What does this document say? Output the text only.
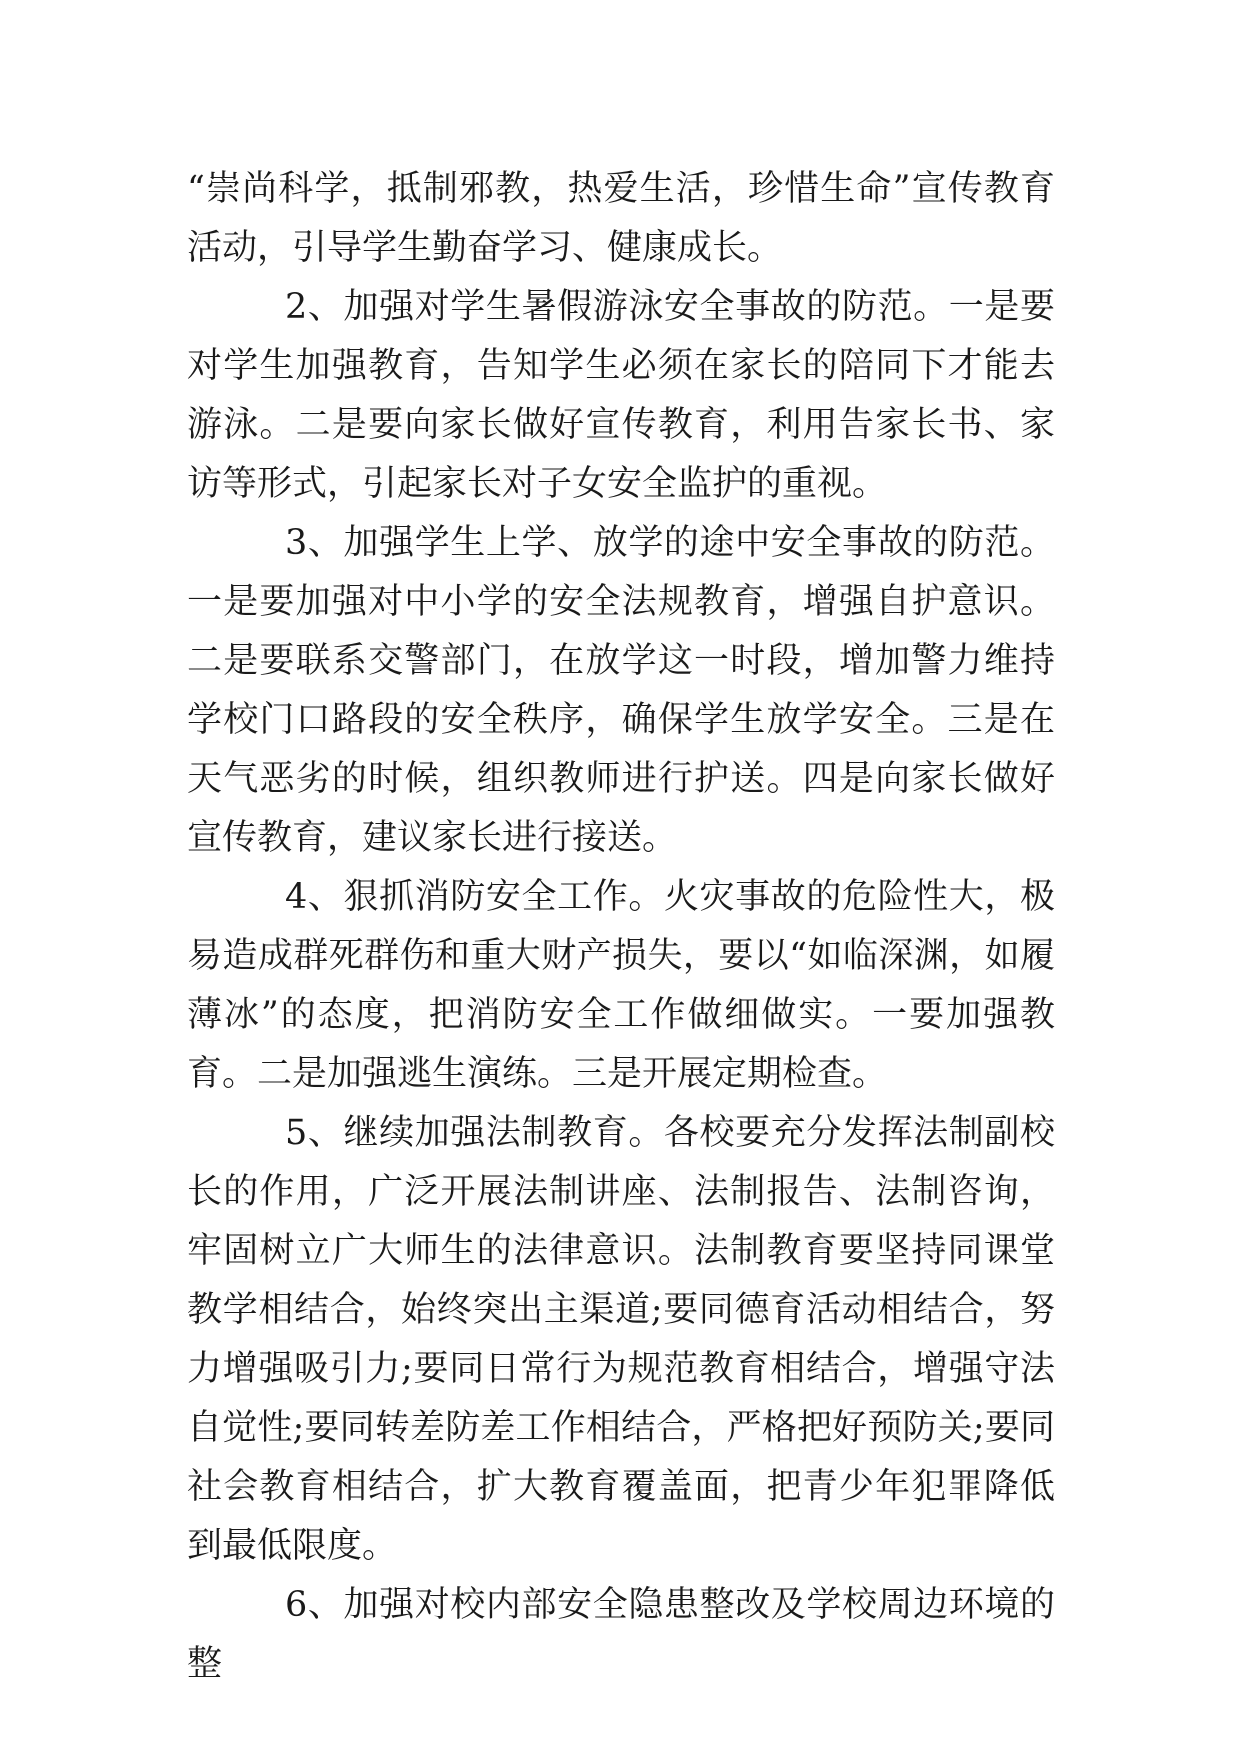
“崇尚科学，抵制邪教，热爱生活，珍惜生命”宣传教育活动，引导学生勤奋学习、健康成长。

2、加强对学生暑假游泳安全事故的防范。一是要对学生加强教育，告知学生必须在家长的陪同下才能去游泳。二是要向家长做好宣传教育，利用告家长书、家访等形式，引起家长对子女安全监护的重视。

3、加强学生上学、放学的途中安全事故的防范。一是要加强对中小学的安全法规教育，增强自护意识。二是要联系交警部门，在放学这一时段，增加警力维持学校门口路段的安全秩序，确保学生放学安全。三是在天气恶劣的时候，组织教师进行护送。四是向家长做好宣传教育，建议家长进行接送。

4、狠抓消防安全工作。火灾事故的危险性大，极易造成群死群伤和重大财产损失，要以“如临深渊，如履薄冰”的态度，把消防安全工作做细做实。一要加强教育。二是加强逃生演练。三是开展定期检查。

5、继续加强法制教育。各校要充分发挥法制副校长的作用，广泛开展法制讲座、法制报告、法制咨询，牢固树立广大师生的法律意识。法制教育要坚持同课堂教学相结合，始终突出主渠道;要同德育活动相结合，努力增强吸引力;要同日常行为规范教育相结合，增强守法自觉性;要同转差防差工作相结合，严格把好预防关;要同社会教育相结合，扩大教育覆盖面，把青少年犯罪降低到最低限度。

6、加强对校内部安全隐患整改及学校周边环境的整
